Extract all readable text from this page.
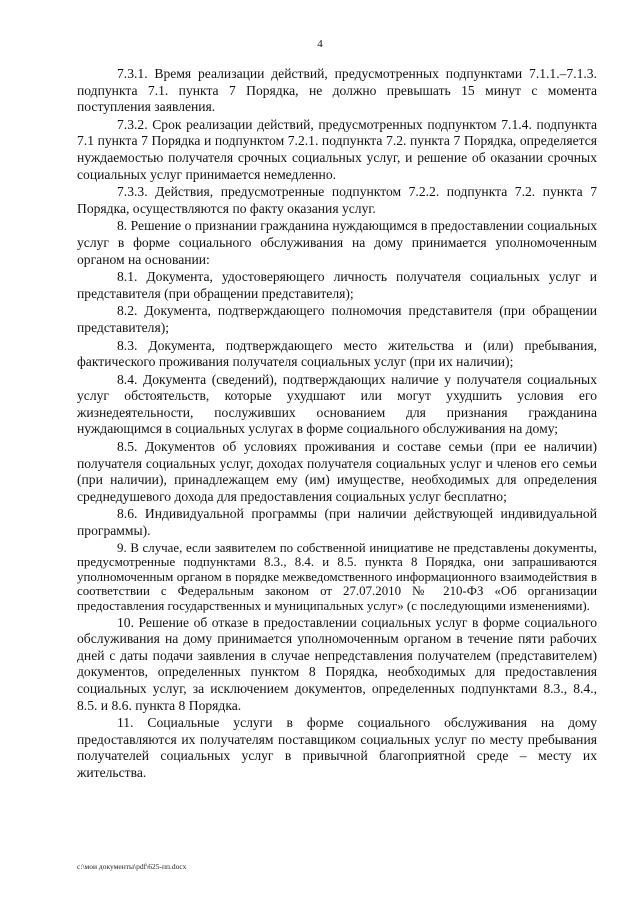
4

7.3.1. Время реализации действий, предусмотренных подпунктами 7.1.1.–7.1.3. подпункта 7.1. пункта 7 Порядка, не должно превышать 15 минут с момента поступления заявления.

7.3.2. Срок реализации действий, предусмотренных подпунктом 7.1.4. подпункта 7.1 пункта 7 Порядка и подпунктом 7.2.1. подпункта 7.2. пункта 7 Порядка, определяется нуждаемостью получателя срочных социальных услуг, и решение об оказании срочных социальных услуг принимается немедленно.

7.3.3. Действия, предусмотренные подпунктом 7.2.2. подпункта 7.2. пункта 7 Порядка, осуществляются по факту оказания услуг.

8. Решение о признании гражданина нуждающимся в предоставлении социальных услуг в форме социального обслуживания на дому принимается уполномоченным органом на основании:

8.1. Документа, удостоверяющего личность получателя социальных услуг и представителя (при обращении представителя);

8.2. Документа, подтверждающего полномочия представителя (при обращении представителя);

8.3. Документа, подтверждающего место жительства и (или) пребывания, фактического проживания получателя социальных услуг (при их наличии);

8.4. Документа (сведений), подтверждающих наличие у получателя социальных услуг обстоятельств, которые ухудшают или могут ухудшить условия его жизнедеятельности, послуживших основанием для признания гражданина нуждающимся в социальных услугах в форме социального обслуживания на дому;

8.5. Документов об условиях проживания и составе семьи (при ее наличии) получателя социальных услуг, доходах получателя социальных услуг и членов его семьи (при наличии), принадлежащем ему (им) имуществе, необходимых для определения среднедушевого дохода для предоставления социальных услуг бесплатно;

8.6. Индивидуальной программы (при наличии действующей индивидуальной программы).

9. В случае, если заявителем по собственной инициативе не представлены документы, предусмотренные подпунктами 8.3., 8.4. и 8.5. пункта 8 Порядка, они запрашиваются уполномоченным органом в порядке межведомственного информационного взаимодействия в соответствии с Федеральным законом от 27.07.2010 № 210-ФЗ «Об организации предоставления государственных и муниципальных услуг» (с последующими изменениями).

10. Решение об отказе в предоставлении социальных услуг в форме социального обслуживания на дому принимается уполномоченным органом в течение пяти рабочих дней с даты подачи заявления в случае непредставления получателем (представителем) документов, определенных пунктом 8 Порядка, необходимых для предоставления социальных услуг, за исключением документов, определенных подпунктами 8.3., 8.4., 8.5. и 8.6. пункта 8 Порядка.

11. Социальные услуги в форме социального обслуживания на дому предоставляются их получателям поставщиком социальных услуг по месту пребывания получателей социальных услуг в привычной благоприятной среде – месту их жительства.

c:\мои документы\pdf\625-пп.docx
